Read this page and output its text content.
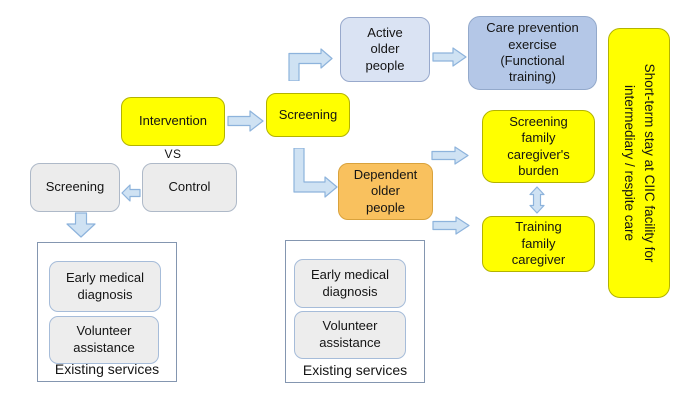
Intervention
VS
Screening	Control
Screening
Active older people
Care prevention exercise (Functional training)
Dependent older people
Screening family caregiver's burden
Training family caregiver	Short-term stay at CIIC facility for
intermediary / respite care
Early medical diagnosis
Volunteer assistance
Existing services
Early medical diagnosis
Volunteer assistance
Existing services
